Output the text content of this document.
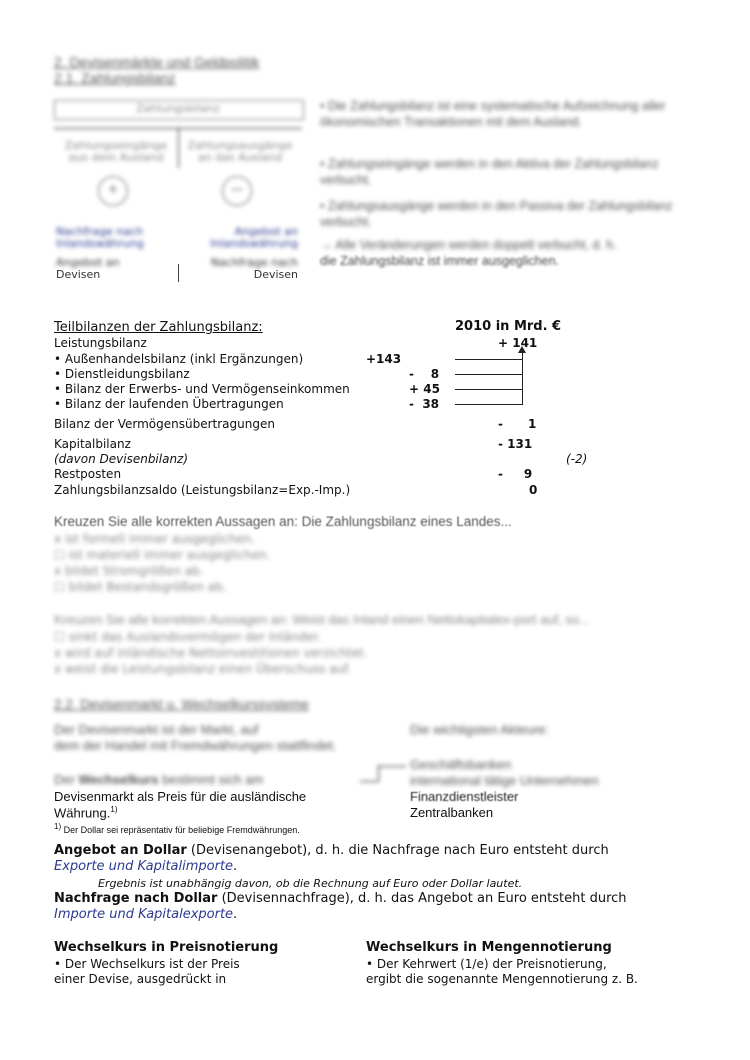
2. Devisenmärkte und Geldpolitik
2.1. Zahlungsbilanz
Zahlungsbilanz
Zahlungseingänge aus dem Ausland
Zahlungsausgänge an das Ausland
+	—
Nachfrage nach Inlandswährung
Angebot an Inlandswährung
Angebot an
Devisen
Nachfrage nach
Devisen
• Die Zahlungsbilanz ist eine systematische Aufzeichnung aller ökonomischen Transaktionen mit dem Ausland.
• Zahlungseingänge werden in den Aktiva der Zahlungsbilanz verbucht.
• Zahlungsausgänge werden in den Passiva der Zahlungsbilanz verbucht.
→ Alle Veränderungen werden doppelt verbucht, d. h.
die Zahlungsbilanz ist immer ausgeglichen.
Teilbilanzen der Zahlungsbilanz:	2010 in Mrd. €
Leistungsbilanz	+ 141
• Außenhandelsbilanz (inkl Ergänzungen)	+143
• Dienstleidungsbilanz	-    8
• Bilanz der Erwerbs- und Vermögenseinkommen	+ 45
• Bilanz der laufenden Übertragungen	-  38
Bilanz der Vermögensübertragungen	-      1
Kapitalbilanz	- 131
(davon Devisenbilanz)	(-2)
Restposten	-     9
Zahlungsbilanzsaldo (Leistungsbilanz=Exp.-Imp.)	0
Kreuzen Sie alle korrekten Aussagen an: Die Zahlungsbilanz eines Landes...
x ist formell immer ausgeglichen.
☐ ist materiell immer ausgeglichen.
x bildet Stromgrößen ab.
☐ bildet Bestandsgrößen ab.
Kreuzen Sie alle korrekten Aussagen an: Weist das Inland einen Nettokapitalex-port auf, so...
☐ sinkt das Auslandsvermögen der Inländer.
x wird auf inländische Nettoinvestitionen verzichtet.
x weist die Leistungsbilanz einen Überschuss auf.
2.2. Devisenmarkt u. Wechselkurssysteme
Der Devisenmarkt ist der Markt, auf
dem der Handel mit Fremdwährungen stattfindet.
Die wichtigsten Akteure:
Geschäftsbanken
international tätige Unternehmen
Finanzdienstleister
Zentralbanken
Der Wechselkurs bestimmt sich am
Devisenmarkt als Preis für die ausländische
Währung.$^{1)}$
$^{1)}$ Der Dollar sei repräsentativ für beliebige Fremdwährungen.
Angebot an Dollar (Devisenangebot), d. h. die Nachfrage nach Euro entsteht durch
Exporte und Kapitalimporte.
Ergebnis ist unabhängig davon, ob die Rechnung auf Euro oder Dollar lautet.
Nachfrage nach Dollar (Devisennachfrage), d. h. das Angebot an Euro entsteht durch
Importe und Kapitalexporte.
Wechselkurs in Preisnotierung
• Der Wechselkurs ist der Preis
einer Devise, ausgedrückt in
Wechselkurs in Mengennotierung
• Der Kehrwert (1/e) der Preisnotierung,
ergibt die sogenannte Mengennotierung z. B.
